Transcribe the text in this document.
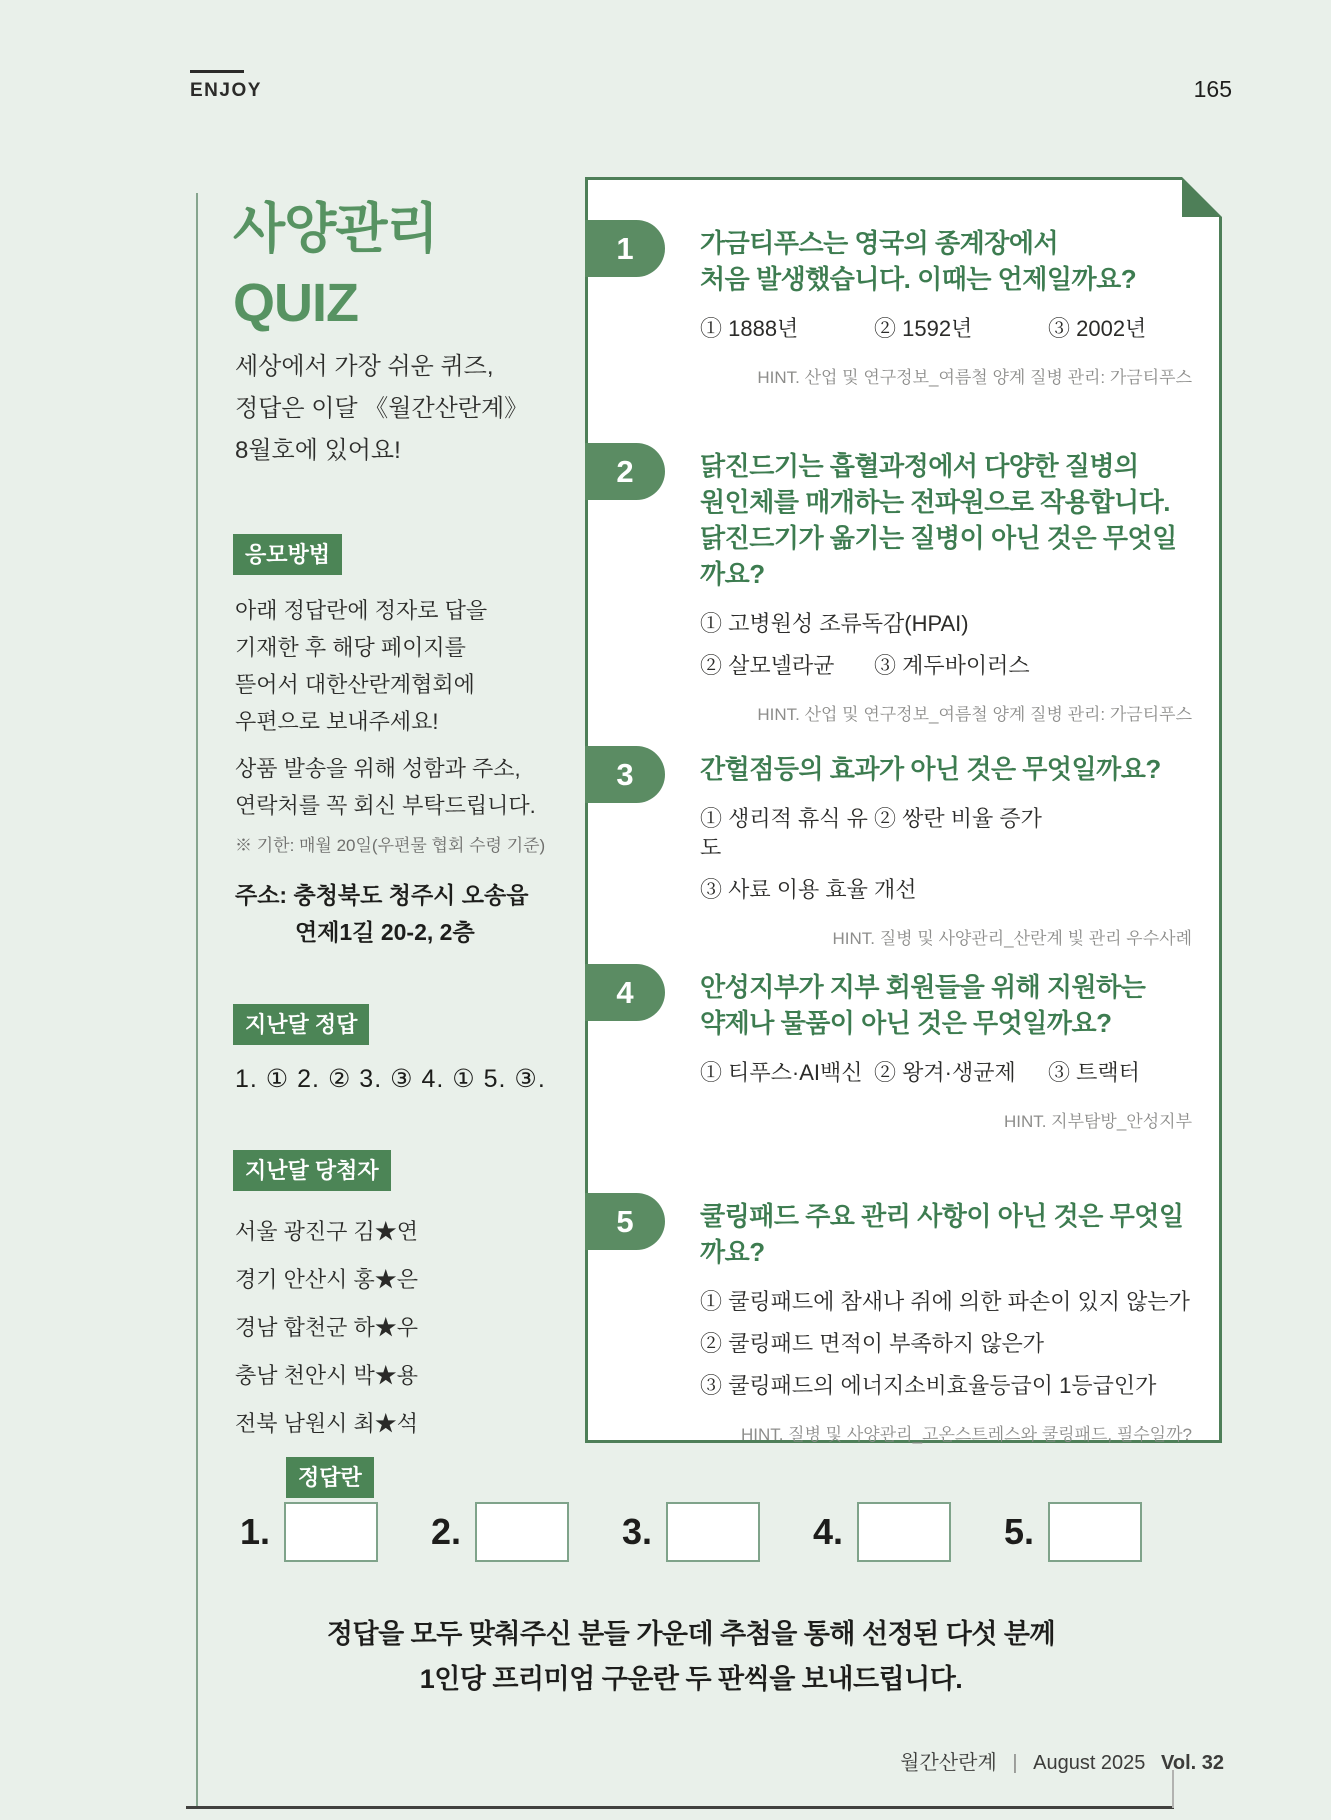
ENJOY	165
사양관리
QUIZ
세상에서 가장 쉬운 퀴즈,
정답은 이달 《월간산란계》
8월호에 있어요!
응모방법
아래 정답란에 정자로 답을
기재한 후 해당 페이지를
뜯어서 대한산란계협회에
우편으로 보내주세요!
상품 발송을 위해 성함과 주소,
연락처를 꼭 회신 부탁드립니다.
※ 기한: 매월 20일(우편물 협회 수령 기준)
주소: 충청북도 청주시 오송읍
연제1길 20-2, 2층
지난달 정답
1. ① 2. ② 3. ③ 4. ① 5. ③.
지난달 당첨자
서울 광진구 김★연
경기 안산시 홍★은
경남 합천군 하★우
충남 천안시 박★용
전북 남원시 최★석
1	가금티푸스는 영국의 종계장에서
처음 발생했습니다. 이때는 언제일까요?
① 1888년	② 1592년	③ 2002년
HINT. 산업 및 연구정보_여름철 양계 질병 관리: 가금티푸스
2	닭진드기는 흡혈과정에서 다양한 질병의
원인체를 매개하는 전파원으로 작용합니다.
닭진드기가 옮기는 질병이 아닌 것은 무엇일까요?
① 고병원성 조류독감(HPAI)
② 살모넬라균	③ 계두바이러스
HINT. 산업 및 연구정보_여름철 양계 질병 관리: 가금티푸스
3	간헐점등의 효과가 아닌 것은 무엇일까요?
① 생리적 휴식 유도
② 쌍란 비율 증가
③ 사료 이용 효율 개선
HINT. 질병 및 사양관리_산란계 빛 관리 우수사례
4	안성지부가 지부 회원들을 위해 지원하는
약제나 물품이 아닌 것은 무엇일까요?
① 티푸스·AI백신 ② 왕겨·생균제	③ 트랙터
HINT. 지부탐방_안성지부
5	쿨링패드 주요 관리 사항이 아닌 것은 무엇일까요?
① 쿨링패드에 참새나 쥐에 의한 파손이 있지 않는가
② 쿨링패드 면적이 부족하지 않은가
③ 쿨링패드의 에너지소비효율등급이 1등급인가
HINT. 질병 및 사양관리_고온스트레스와 쿨링패드, 필수일까?
정답란
1.	2.	3.	4.	5.
정답을 모두 맞춰주신 분들 가운데 추첨을 통해 선정된 다섯 분께
1인당 프리미엄 구운란 두 판씩을 보내드립니다.
월간산란계 | August 2025 Vol. 32
